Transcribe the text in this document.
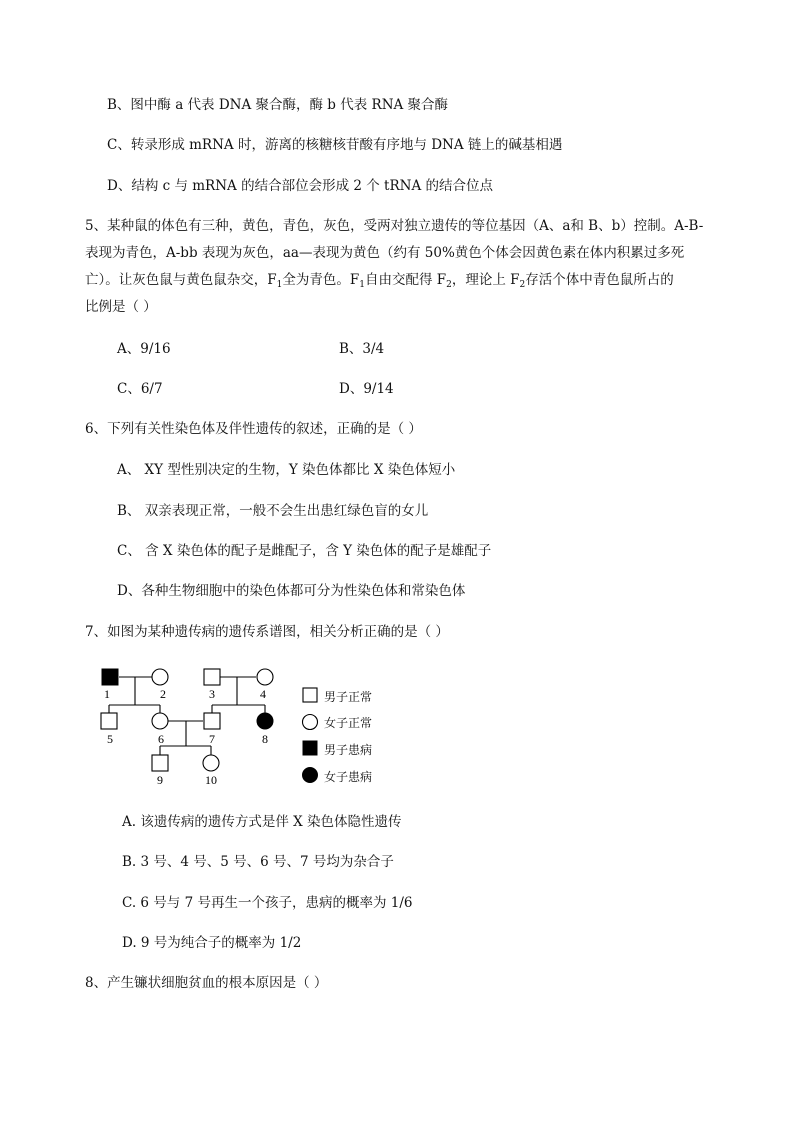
B、图中酶 a 代表 DNA 聚合酶，酶 b 代表 RNA 聚合酶
C、转录形成 mRNA 时，游离的核糖核苷酸有序地与 DNA 链上的碱基相遇
D、结构 c 与 mRNA 的结合部位会形成 2 个 tRNA 的结合位点
5、某种鼠的体色有三种，黄色，青色，灰色，受两对独立遗传的等位基因（A、a和 B、b）控制。A-B-
表现为青色，A-bb 表现为灰色，aa—表现为黄色（约有 50%黄色个体会因黄色素在体内积累过多死
亡）。让灰色鼠与黄色鼠杂交，$F_1$全为青色。$F_1$自由交配得 $F_2$，理论上 $F_2$存活个体中青色鼠所占的
比例是（ ）
A、9/16	B、3/4
C、6/7	D、9/14
6、下列有关性染色体及伴性遗传的叙述，正确的是（ ）
A、 XY 型性别决定的生物，Y 染色体都比 X 染色体短小
B、 双亲表现正常，一般不会生出患红绿色盲的女儿
C、 含 X 染色体的配子是雌配子，含 Y 染色体的配子是雄配子
D、各种生物细胞中的染色体都可分为性染色体和常染色体
7、如图为某种遗传病的遗传系谱图，相关分析正确的是（ ）
1	2	3	4
5	6	7	8
9	10
男子正常
女子正常
男子患病
女子患病
A. 该遗传病的遗传方式是伴 X 染色体隐性遗传
B. 3 号、4 号、5 号、6 号、7 号均为杂合子
C. 6 号与 7 号再生一个孩子，患病的概率为 1/6
D. 9 号为纯合子的概率为 1/2
8、产生镰状细胞贫血的根本原因是（ ）
